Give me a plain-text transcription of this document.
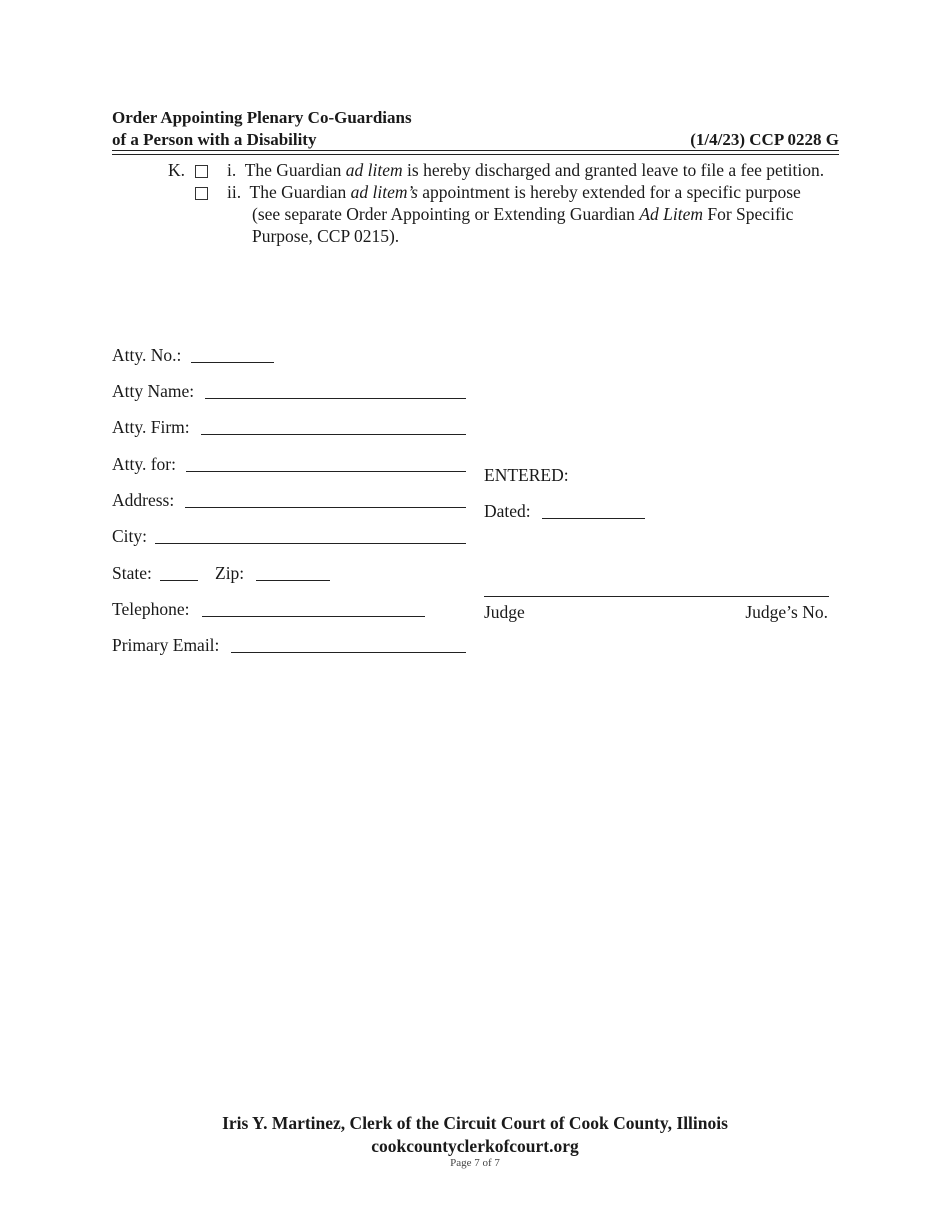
Order Appointing Plenary Co-Guardians
of a Person with a Disability	(1/4/23) CCP 0228 G
K. i. The Guardian ad litem is hereby discharged and granted leave to file a fee petition.
ii. The Guardian ad litem’s appointment is hereby extended for a specific purpose
(see separate Order Appointing or Extending Guardian Ad Litem For Specific
Purpose, CCP 0215).
Atty. No.:
Atty Name:
Atty. Firm:
Atty. for:
Address:
City:
State:	Zip:
Telephone:
Primary Email:
ENTERED:
Dated:
Judge	Judge’s No.
Iris Y. Martinez, Clerk of the Circuit Court of Cook County, Illinois
cookcountyclerkofcourt.org
Page 7 of 7
